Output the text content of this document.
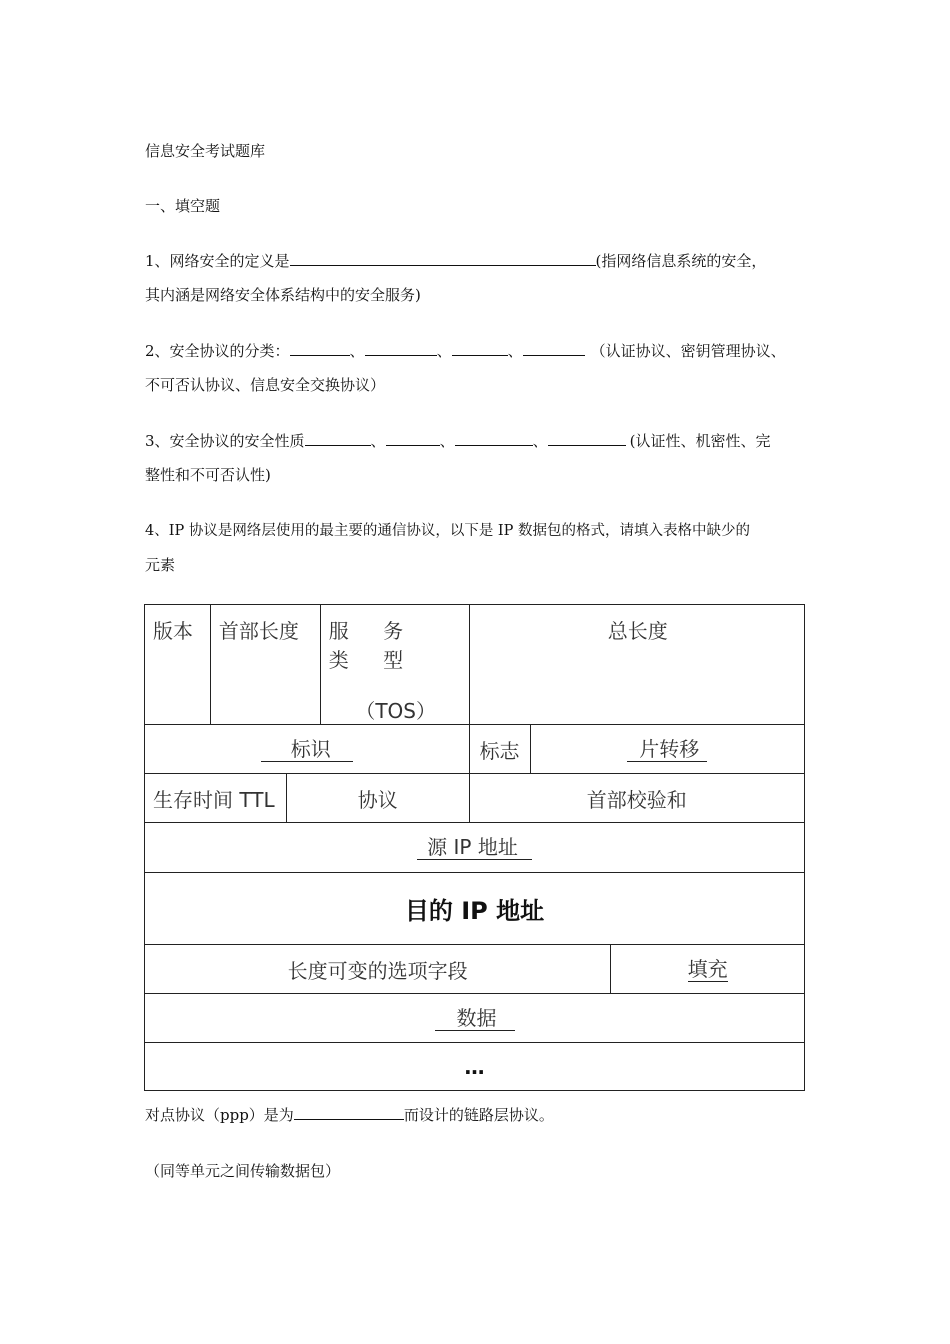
信息安全考试题库
一、填空题
1、网络安全的定义是	(指网络信息系统的安全，
其内涵是网络安全体系结构中的安全服务)
2、安全协议的分类：	、	、	、	（认证协议、密钥管理协议、
不可否认协议、信息安全交换协议）
3、安全协议的安全性质	、	、	、	(认证性、机密性、完
整性和不可否认性)
4、IP 协议是网络层使用的最主要的通信协议，以下是 IP 数据包的格式，请填入表格中缺少的
元素
版本	首部长度		服 务 类 型
（TOS）	总长度		
标识				标志	片转移	
生存时间 TTL		协议		首部校验和		
源 IP 地址						
目的 IP 地址						
长度可变的选项字段						填充
数据						
…						
对点协议（ppp）是为	而设计的链路层协议。
（同等单元之间传输数据包）
